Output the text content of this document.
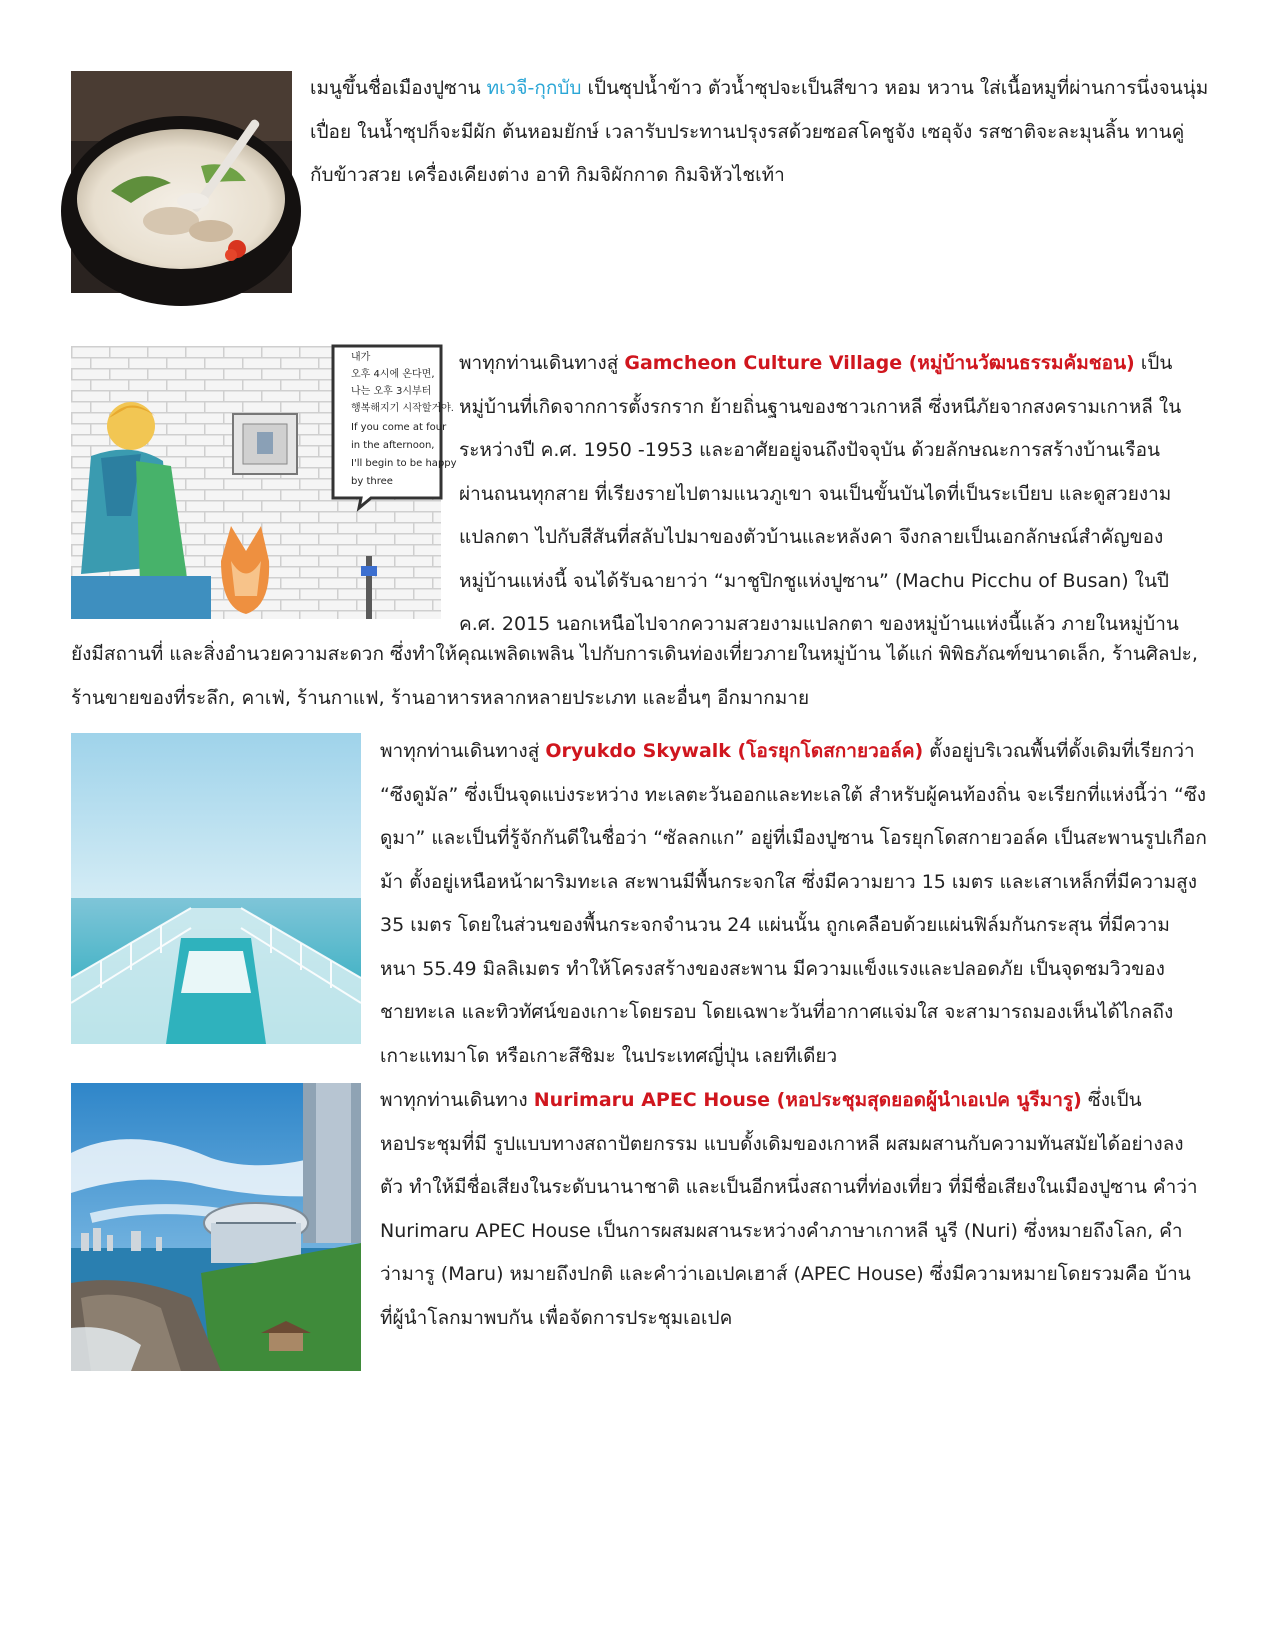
เมนูขึ้นชื่อเมืองปูซาน ทเวจี-กุกบับ เป็นซุปน้ำข้าว ตัวน้ำซุปจะเป็นสีขาว หอม หวาน ใส่เนื้อหมูที่ผ่านการนึ่งจนนุ่ม
เปื่อย ในน้ำซุปก็จะมีผัก ต้นหอมยักษ์ เวลารับประทานปรุงรสด้วยซอสโคชูจัง เซอุจัง รสชาติจะละมุนลิ้น ทานคู่
กับข้าวสวย เครื่องเคียงต่าง อาทิ กิมจิผักกาด กิมจิหัวไชเท้า
내가
오후 4시에 온다면,
나는 오후 3시부터
행복해지기 시작할거야.
If you come at four
in the afternoon,
I'll begin to be happy
by three
พาทุกท่านเดินทางสู่ Gamcheon Culture Village (หมู่บ้านวัฒนธรรมคัมชอน) เป็น
หมู่บ้านที่เกิดจากการตั้งรกราก ย้ายถิ่นฐานของชาวเกาหลี ซึ่งหนีภัยจากสงครามเกาหลี ใน
ระหว่างปี ค.ศ. 1950 -1953 และอาศัยอยู่จนถึงปัจจุบัน ด้วยลักษณะการสร้างบ้านเรือน
ผ่านถนนทุกสาย ที่เรียงรายไปตามแนวภูเขา จนเป็นขั้นบันไดที่เป็นระเบียบ และดูสวยงาม
แปลกตา ไปกับสีสันที่สลับไปมาของตัวบ้านและหลังคา จึงกลายเป็นเอกลักษณ์สำคัญของ
หมู่บ้านแห่งนี้ จนได้รับฉายาว่า “มาชูปิกชูแห่งปูซาน” (Machu Picchu of Busan) ในปี
ค.ศ. 2015 นอกเหนือไปจากความสวยงามแปลกตา ของหมู่บ้านแห่งนี้แล้ว ภายในหมู่บ้าน
ยังมีสถานที่ และสิ่งอำนวยความสะดวก ซึ่งทำให้คุณเพลิดเพลิน ไปกับการเดินท่องเที่ยวภายในหมู่บ้าน ได้แก่ พิพิธภัณฑ์ขนาดเล็ก, ร้านศิลปะ,
ร้านขายของที่ระลึก, คาเฟ่, ร้านกาแฟ, ร้านอาหารหลากหลายประเภท และอื่นๆ อีกมากมาย
พาทุกท่านเดินทางสู่ Oryukdo Skywalk (โอรยุกโดสกายวอล์ค) ตั้งอยู่บริเวณพื้นที่ดั้งเดิมที่เรียกว่า
“ซึงดูมัล” ซึ่งเป็นจุดแบ่งระหว่าง ทะเลตะวันออกและทะเลใต้ สำหรับผู้คนท้องถิ่น จะเรียกที่แห่งนี้ว่า “ซึง
ดูมา” และเป็นที่รู้จักกันดีในชื่อว่า “ซัลลกแก” อยู่ที่เมืองปูซาน โอรยุกโดสกายวอล์ค เป็นสะพานรูปเกือก
ม้า ตั้งอยู่เหนือหน้าผาริมทะเล สะพานมีพื้นกระจกใส ซึ่งมีความยาว 15 เมตร และเสาเหล็กที่มีความสูง
35 เมตร โดยในส่วนของพื้นกระจกจำนวน 24 แผ่นนั้น ถูกเคลือบด้วยแผ่นฟิล์มกันกระสุน ที่มีความ
หนา 55.49 มิลลิเมตร ทำให้โครงสร้างของสะพาน มีความแข็งแรงและปลอดภัย เป็นจุดชมวิวของ
ชายทะเล และทิวทัศน์ของเกาะโดยรอบ โดยเฉพาะวันที่อากาศแจ่มใส จะสามารถมองเห็นได้ไกลถึง
เกาะแทมาโด หรือเกาะสึชิมะ ในประเทศญี่ปุ่น เลยทีเดียว
พาทุกท่านเดินทาง Nurimaru APEC House (หอประชุมสุดยอดผู้นำเอเปค นูรีมารู) ซึ่งเป็น
หอประชุมที่มี รูปแบบทางสถาปัตยกรรม แบบดั้งเดิมของเกาหลี ผสมผสานกับความทันสมัยได้อย่างลง
ตัว ทำให้มีชื่อเสียงในระดับนานาชาติ และเป็นอีกหนึ่งสถานที่ท่องเที่ยว ที่มีชื่อเสียงในเมืองปูซาน คำว่า
Nurimaru APEC House เป็นการผสมผสานระหว่างคำภาษาเกาหลี นูรี (Nuri) ซึ่งหมายถึงโลก, คำ
ว่ามารู (Maru) หมายถึงปกติ และคำว่าเอเปคเฮาส์ (APEC House) ซึ่งมีความหมายโดยรวมคือ บ้าน
ที่ผู้นำโลกมาพบกัน เพื่อจัดการประชุมเอเปค
